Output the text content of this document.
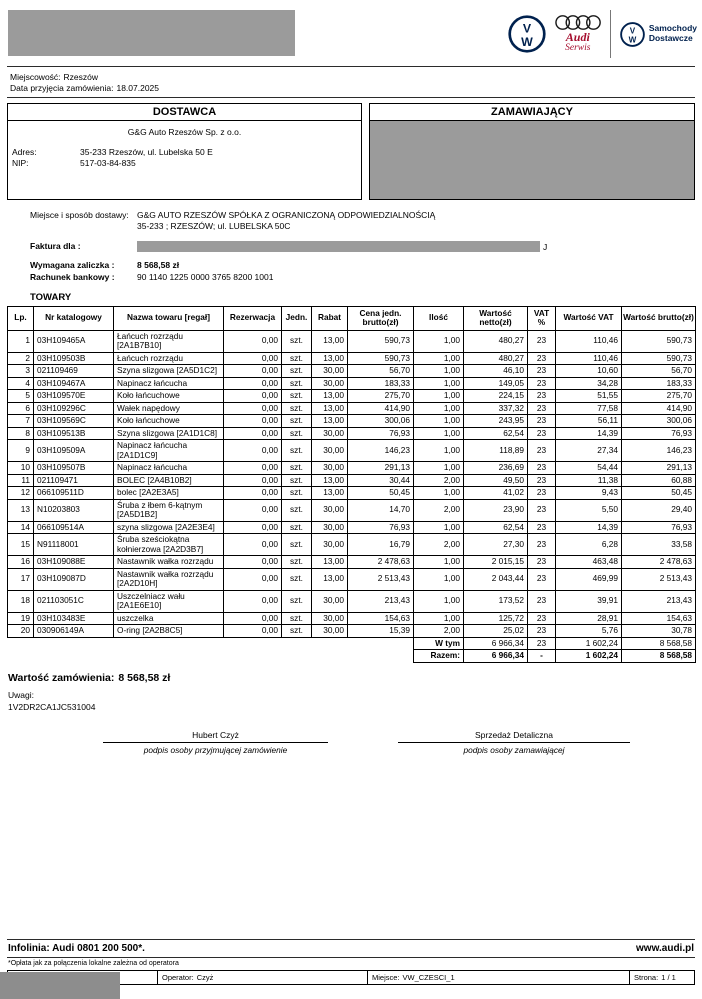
V
W	Audi
Serwis
V
W
Samochody
Dostawcze
Miejscowość: Rzeszów
Data przyjęcia zamówienia: 18.07.2025
DOSTAWCA
G&G Auto Rzeszów Sp. z o.o.
Adres:	35-233 Rzeszów, ul. Lubelska 50 E
NIP:	517-03-84-835
ZAMAWIAJĄCY
Miejsce i sposób dostawy: G&G AUTO RZESZÓW SPÓŁKA Z OGRANICZONĄ ODPOWIEDZIALNOŚCIĄ
35-233 ; RZESZÓW; ul. LUBELSKA 50C
Faktura dla :	J
Wymagana zaliczka :	8 568,58 zł
Rachunek bankowy :	90 1140 1225 0000 3765 8200 1001
TOWARY
Lp.	Nr katalogowy	Nazwa towaru [regał]	Rezerwacja	Jedn.	Rabat	Cena jedn. brutto(zł)	Ilość	Wartość netto(zł)	VAT %	Wartość VAT	Wartość brutto(zł)
1	03H109465A	Łańcuch rozrządu [2A1B7B10]	0,00	szt.	13,00	590,73	1,00	480,27	23	110,46	590,73
2	03H109503B	Łańcuch rozrządu	0,00	szt.	13,00	590,73	1,00	480,27	23	110,46	590,73
3	021109469	Szyna slizgowa [2A5D1C2]	0,00	szt.	30,00	56,70	1,00	46,10	23	10,60	56,70
4	03H109467A	Napinacz łańcucha	0,00	szt.	30,00	183,33	1,00	149,05	23	34,28	183,33
5	03H109570E	Koło łańcuchowe	0,00	szt.	13,00	275,70	1,00	224,15	23	51,55	275,70
6	03H109296C	Wałek napędowy	0,00	szt.	13,00	414,90	1,00	337,32	23	77,58	414,90
7	03H109569C	Koło łańcuchowe	0,00	szt.	13,00	300,06	1,00	243,95	23	56,11	300,06
8	03H109513B	Szyna slizgowa [2A1D1C8]	0,00	szt.	30,00	76,93	1,00	62,54	23	14,39	76,93
9	03H109509A	Napinacz łańcucha [2A1D1C9]	0,00	szt.	30,00	146,23	1,00	118,89	23	27,34	146,23
10	03H109507B	Napinacz łańcucha	0,00	szt.	30,00	291,13	1,00	236,69	23	54,44	291,13
11	021109471	BOLEC [2A4B10B2]	0,00	szt.	13,00	30,44	2,00	49,50	23	11,38	60,88
12	066109511D	bolec [2A2E3A5]	0,00	szt.	13,00	50,45	1,00	41,02	23	9,43	50,45
13	N10203803	Śruba z łbem 6-kątnym [2A5D1B2]	0,00	szt.	30,00	14,70	2,00	23,90	23	5,50	29,40
14	066109514A	szyna slizgowa [2A2E3E4]	0,00	szt.	30,00	76,93	1,00	62,54	23	14,39	76,93
15	N91118001	Śruba sześciokątna kołnierzowa [2A2D3B7]	0,00	szt.	30,00	16,79	2,00	27,30	23	6,28	33,58
16	03H109088E	Nastawnik wałka rozrządu	0,00	szt.	13,00	2 478,63	1,00	2 015,15	23	463,48	2 478,63
17	03H109087D	Nastawnik wałka rozrządu [2A2D10H]	0,00	szt.	13,00	2 513,43	1,00	2 043,44	23	469,99	2 513,43
18	021103051C	Uszczelniacz wału [2A1E6E10]	0,00	szt.	30,00	213,43	1,00	173,52	23	39,91	213,43
19	03H103483E	uszczelka	0,00	szt.	30,00	154,63	1,00	125,72	23	28,91	154,63
20	030906149A	O-ring [2A2B8C5]	0,00	szt.	30,00	15,39	2,00	25,02	23	5,76	30,78
							W tym	6 966,34	23	1 602,24	8 568,58
							Razem:	6 966,34	-	1 602,24	8 568,58
Wartość zamówienia: 8 568,58 zł
Uwagi:
1V2DR2CA1JC531004
Hubert Czyż
podpis osoby przyjmującej zamówienie
Sprzedaż Detaliczna
podpis osoby zamawiającej
Infolinia: Audi 0801 200 500*.	www.audi.pl
*Opłata jak za połączenia lokalne zależna od operatora
	Operator: Czyż	Miejsce: VW_CZESCI_1	Strona: 1 / 1
